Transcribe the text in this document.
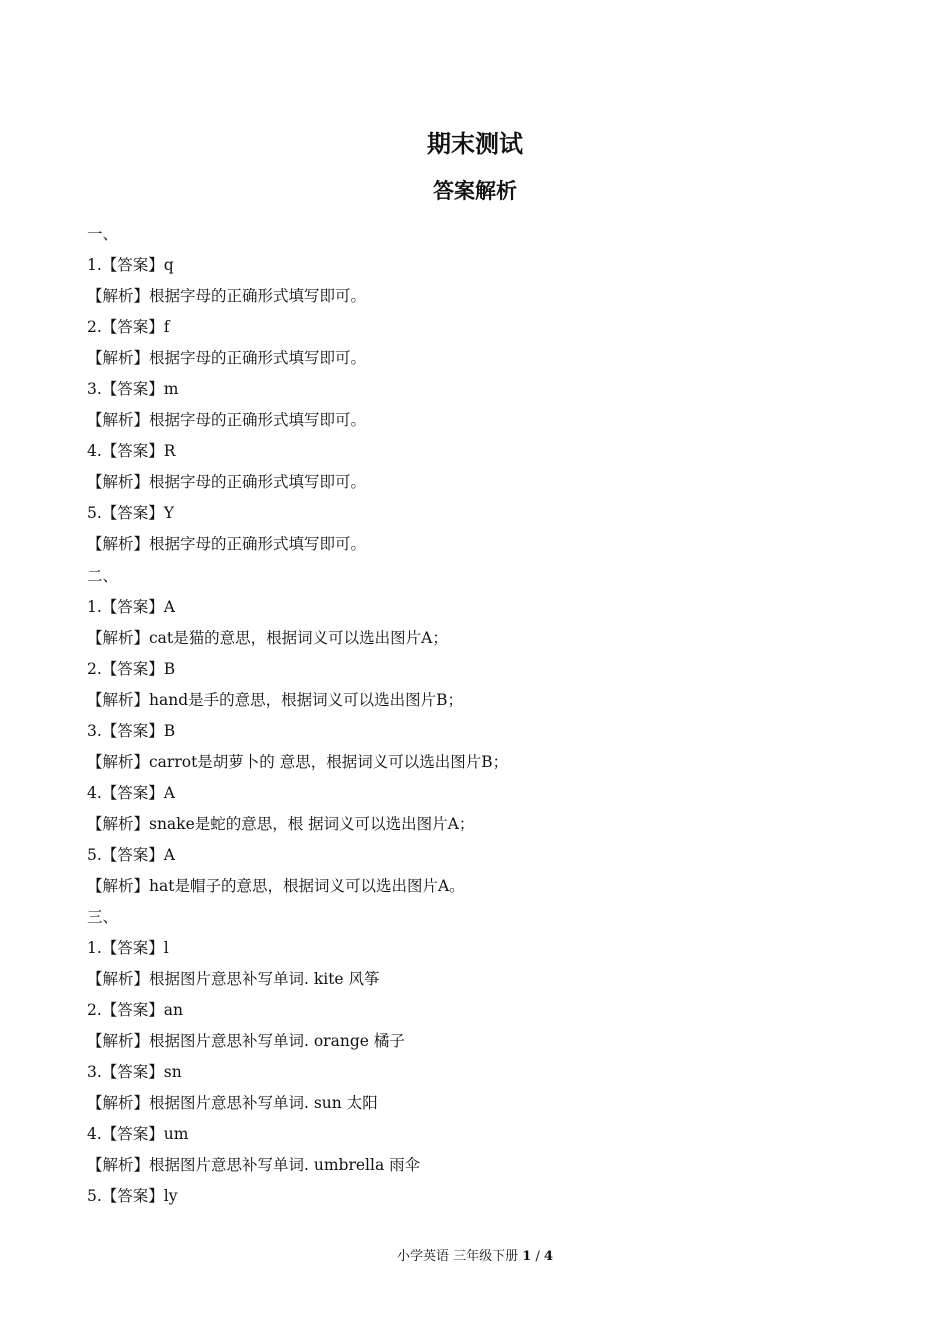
期末测试
答案解析
一、
1.【答案】q
【解析】根据字母的正确形式填写即可。
2.【答案】f
【解析】根据字母的正确形式填写即可。
3.【答案】m
【解析】根据字母的正确形式填写即可。
4.【答案】R
【解析】根据字母的正确形式填写即可。
5.【答案】Y
【解析】根据字母的正确形式填写即可。
二、
1.【答案】A
【解析】cat是猫的意思，根据词义可以选出图片A；
2.【答案】B
【解析】hand是手的意思，根据词义可以选出图片B；
3.【答案】B
【解析】carrot是胡萝卜的 意思，根据词义可以选出图片B；
4.【答案】A
【解析】snake是蛇的意思，根 据词义可以选出图片A；
5.【答案】A
【解析】hat是帽子的意思，根据词义可以选出图片A。
三、
1.【答案】l
【解析】根据图片意思补写单词. kite 风筝
2.【答案】an
【解析】根据图片意思补写单词. orange 橘子
3.【答案】sn
【解析】根据图片意思补写单词. sun 太阳
4.【答案】um
【解析】根据图片意思补写单词. umbrella 雨伞
5.【答案】ly
小学英语 三年级下册 1 / 4
